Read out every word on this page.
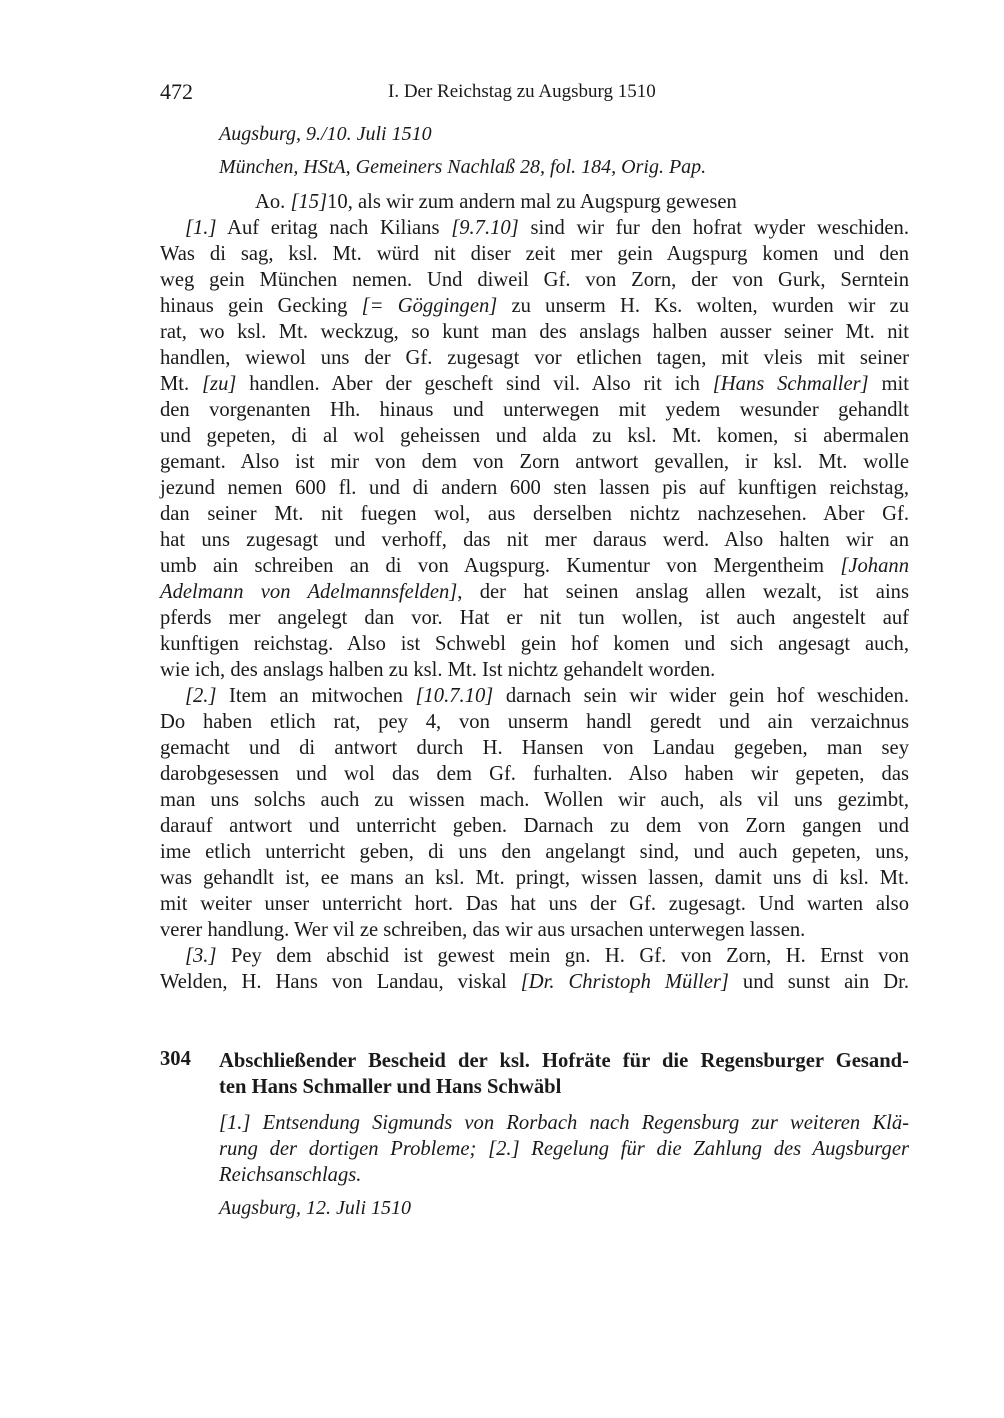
472	I. Der Reichstag zu Augsburg 1510
Augsburg, 9./10. Juli 1510
München, HStA, Gemeiners Nachlaß 28, fol. 184, Orig. Pap.
Ao. [15]10, als wir zum andern mal zu Augspurg gewesen
[1.] Auf eritag nach Kilians [9.7.10] sind wir fur den hofrat wyder weschiden.
Was di sag, ksl. Mt. würd nit diser zeit mer gein Augspurg komen und den
weg gein München nemen. Und diweil Gf. von Zorn, der von Gurk, Serntein
hinaus gein Gecking [= Göggingen] zu unserm H. Ks. wolten, wurden wir zu
rat, wo ksl. Mt. weckzug, so kunt man des anslags halben ausser seiner Mt. nit
handlen, wiewol uns der Gf. zugesagt vor etlichen tagen, mit vleis mit seiner
Mt. [zu] handlen. Aber der gescheft sind vil. Also rit ich [Hans Schmaller] mit
den vorgenanten Hh. hinaus und unterwegen mit yedem wesunder gehandlt
und gepeten, di al wol geheissen und alda zu ksl. Mt. komen, si abermalen
gemant. Also ist mir von dem von Zorn antwort gevallen, ir ksl. Mt. wolle
jezund nemen 600 fl. und di andern 600 sten lassen pis auf kunftigen reichstag,
dan seiner Mt. nit fuegen wol, aus derselben nichtz nachzesehen. Aber Gf.
hat uns zugesagt und verhoff, das nit mer daraus werd. Also halten wir an
umb ain schreiben an di von Augspurg. Kumentur von Mergentheim [Johann
Adelmann von Adelmannsfelden], der hat seinen anslag allen wezalt, ist ains
pferds mer angelegt dan vor. Hat er nit tun wollen, ist auch angestelt auf
kunftigen reichstag. Also ist Schwebl gein hof komen und sich angesagt auch,
wie ich, des anslags halben zu ksl. Mt. Ist nichtz gehandelt worden.
[2.] Item an mitwochen [10.7.10] darnach sein wir wider gein hof weschiden.
Do haben etlich rat, pey 4, von unserm handl geredt und ain verzaichnus
gemacht und di antwort durch H. Hansen von Landau gegeben, man sey
darobgesessen und wol das dem Gf. furhalten. Also haben wir gepeten, das
man uns solchs auch zu wissen mach. Wollen wir auch, als vil uns gezimbt,
darauf antwort und unterricht geben. Darnach zu dem von Zorn gangen und
ime etlich unterricht geben, di uns den angelangt sind, und auch gepeten, uns,
was gehandlt ist, ee mans an ksl. Mt. pringt, wissen lassen, damit uns di ksl. Mt.
mit weiter unser unterricht hort. Das hat uns der Gf. zugesagt. Und warten also
verer handlung. Wer vil ze schreiben, das wir aus ursachen unterwegen lassen.
[3.] Pey dem abschid ist gewest mein gn. H. Gf. von Zorn, H. Ernst von
Welden, H. Hans von Landau, viskal [Dr. Christoph Müller] und sunst ain Dr.
304 Abschließender Bescheid der ksl. Hofräte für die Regensburger Gesand-
ten Hans Schmaller und Hans Schwäbl
[1.] Entsendung Sigmunds von Rorbach nach Regensburg zur weiteren Klä-
rung der dortigen Probleme; [2.] Regelung für die Zahlung des Augsburger
Reichsanschlags.
Augsburg, 12. Juli 1510
